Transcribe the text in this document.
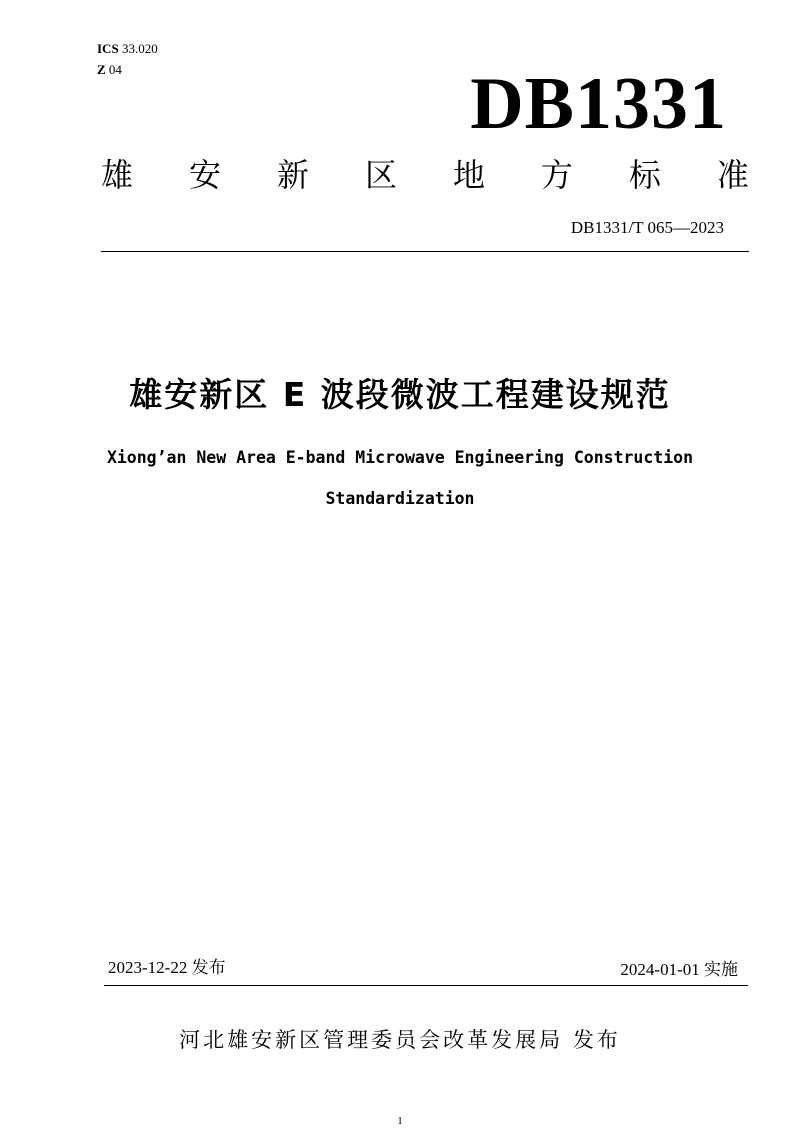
ICS 33.020
Z 04	DB1331
雄 安 新 区 地 方 标 准
DB1331/T 065—2023
雄安新区 E 波段微波工程建设规范
Xiong’an New Area E-band Microwave Engineering Construction
Standardization
2023-12-22 发布	2024-01-01 实施
河北雄安新区管理委员会改革发展局 发布
1
